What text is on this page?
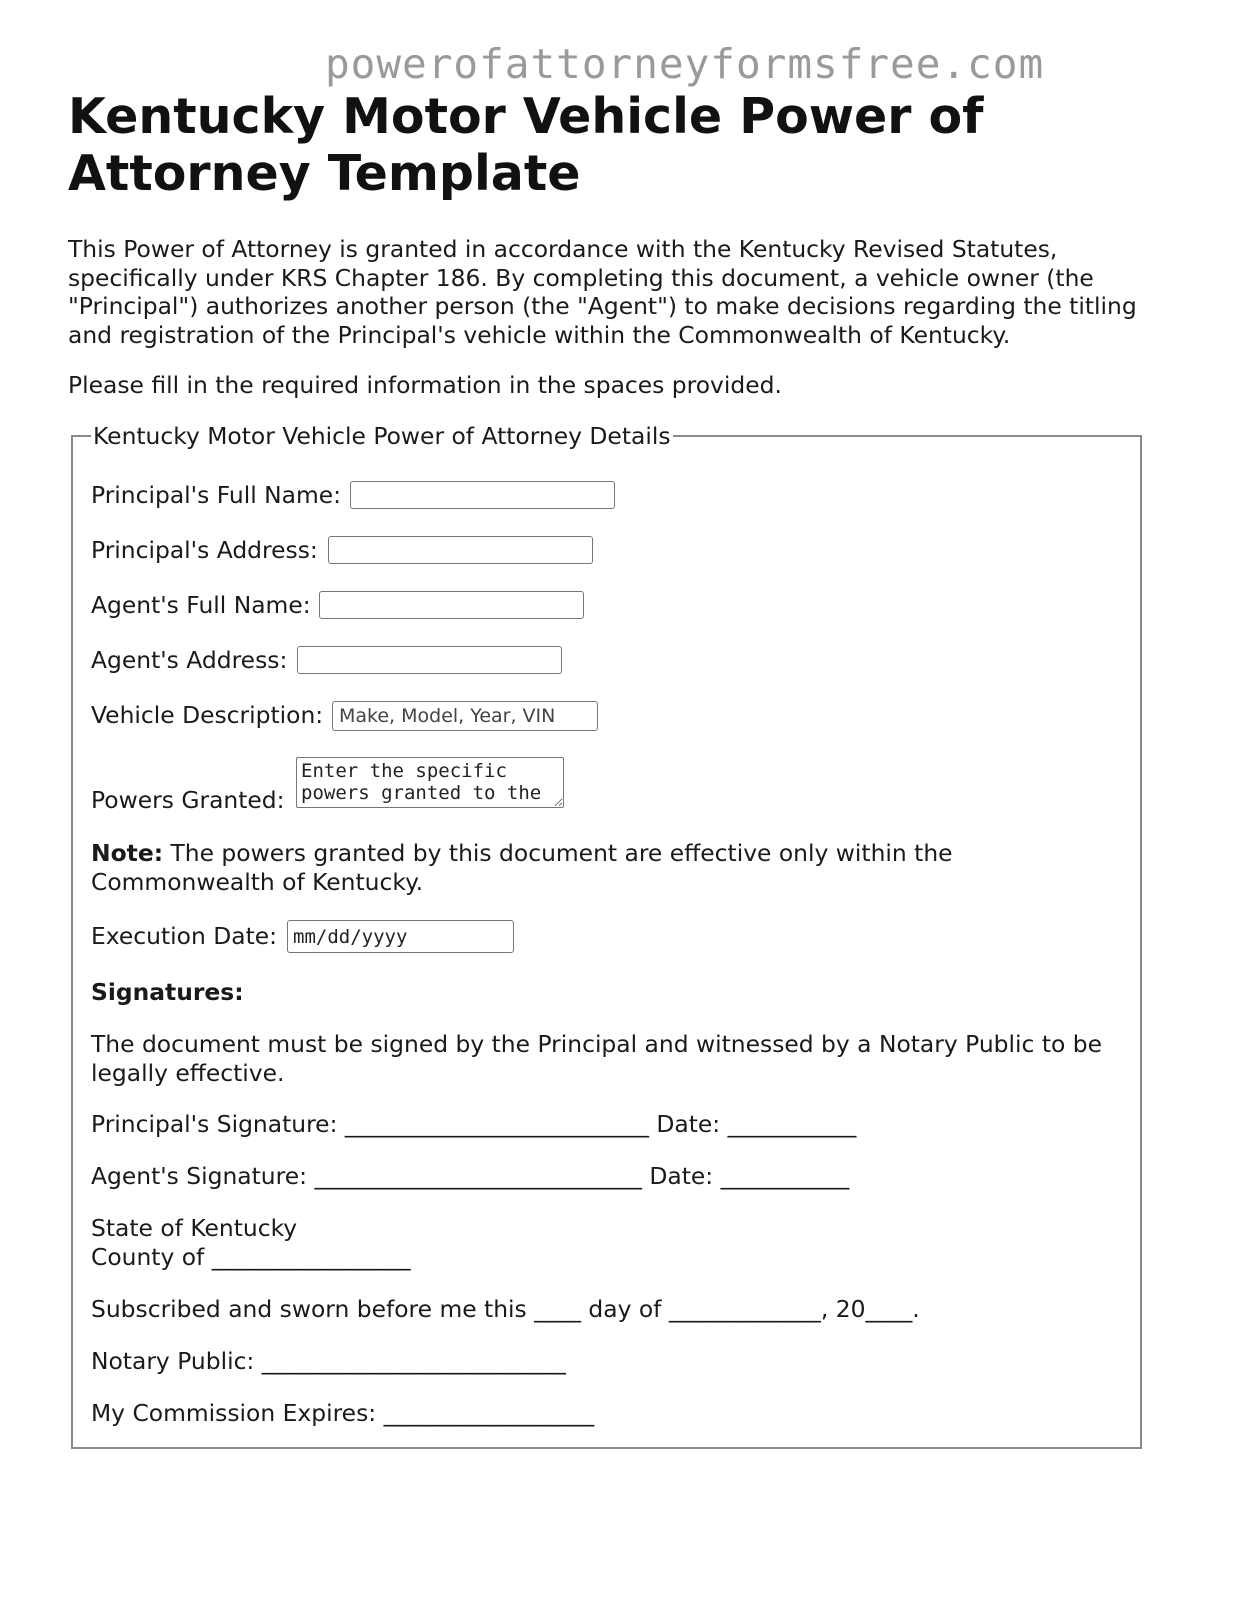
powerofattorneyformsfree.com
Kentucky Motor Vehicle Power of Attorney Template

This Power of Attorney is granted in accordance with the Kentucky Revised Statutes, specifically under KRS Chapter 186. By completing this document, a vehicle owner (the "Principal") authorizes another person (the "Agent") to make decisions regarding the titling and registration of the Principal's vehicle within the Commonwealth of Kentucky.

Please fill in the required information in the spaces provided.

Kentucky Motor Vehicle Power of Attorney Details
Principal's Full Name:
Principal's Address:
Agent's Full Name:
Agent's Address:
Vehicle Description:
Make, Model, Year, VIN
Powers Granted:
Enter the specific powers granted to the

Note: The powers granted by this document are effective only within the Commonwealth of Kentucky.

Execution Date:
mm/dd/yyyy

Signatures:

The document must be signed by the Principal and witnessed by a Notary Public to be legally effective.

Principal's Signature: __________________________ Date: ___________

Agent's Signature: ____________________________ Date: ___________

State of Kentucky

County of _________________

Subscribed and sworn before me this ____ day of _____________, 20____.

Notary Public: __________________________

My Commission Expires: __________________
